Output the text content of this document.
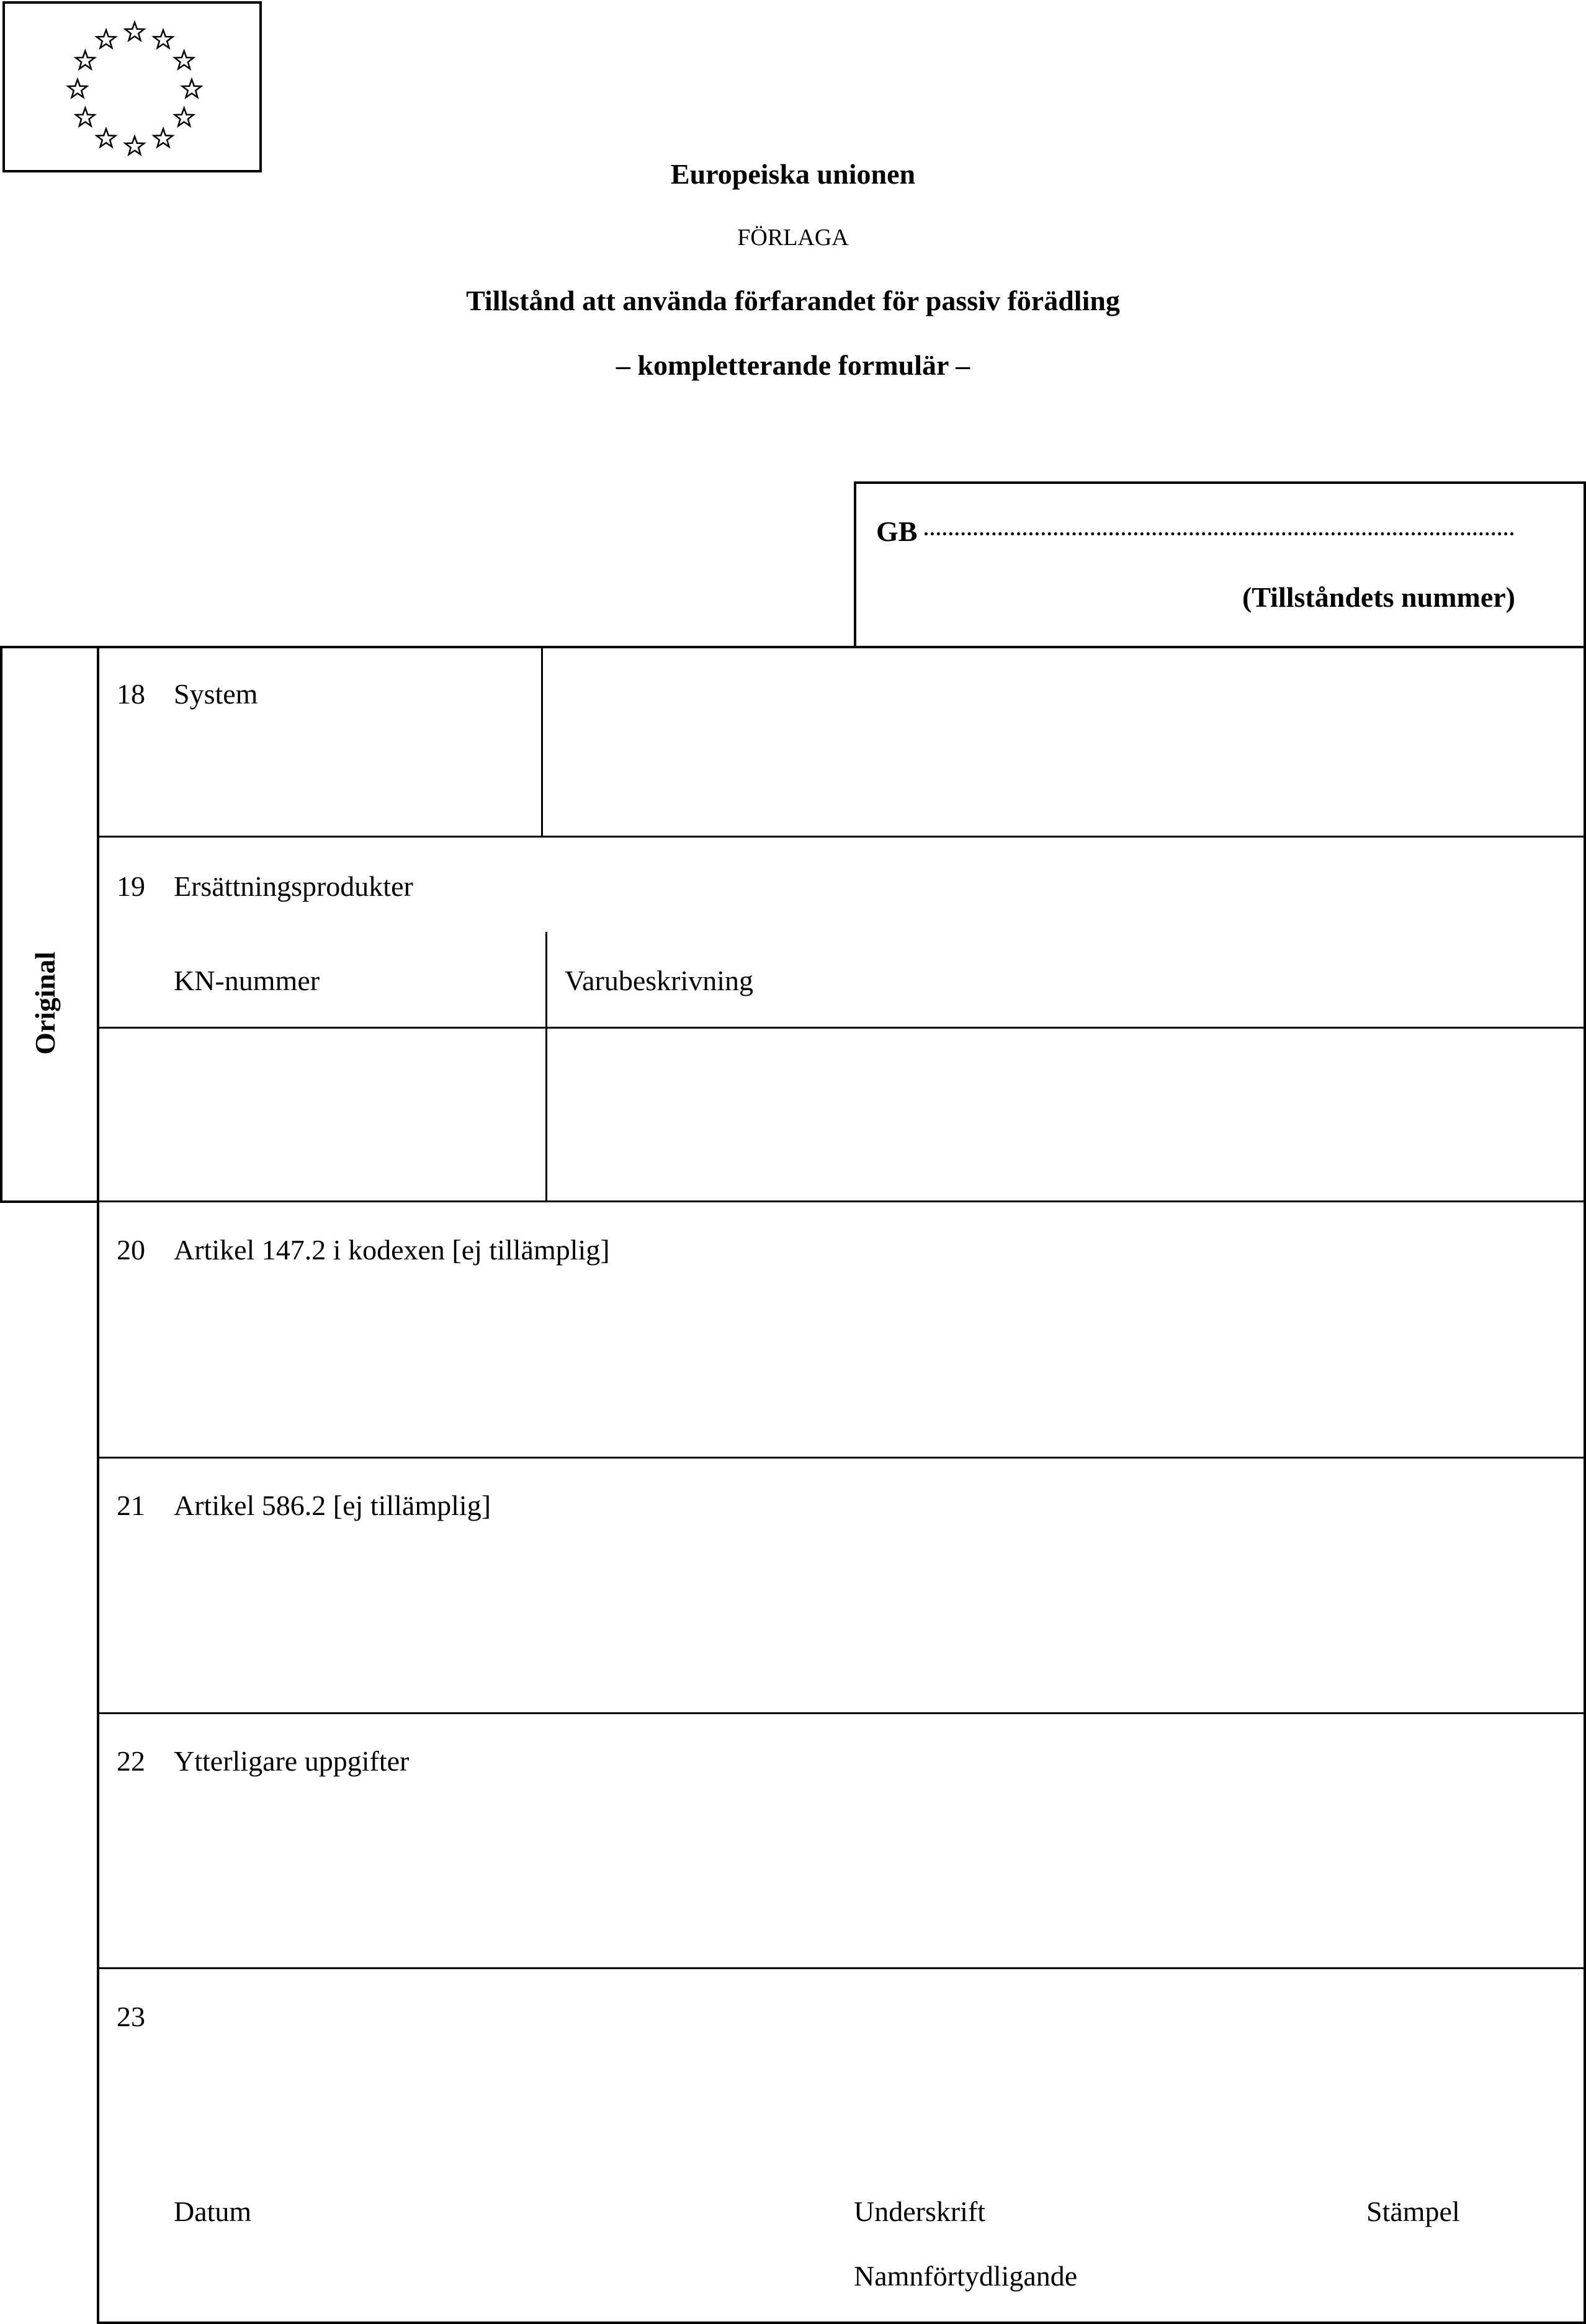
Europeiska unionen
FÖRLAGA
Tillstånd att använda förfarandet för passiv förädling
– kompletterande formulär –
GB
(Tillståndets nummer)
Original
18 System
19 Ersättningsprodukter
KN-nummer	Varubeskrivning
20 Artikel 147.2 i kodexen [ej tillämplig]
21 Artikel 586.2 [ej tillämplig]
22 Ytterligare uppgifter
23
Datum	Underskrift	Stämpel
Namnförtydligande
